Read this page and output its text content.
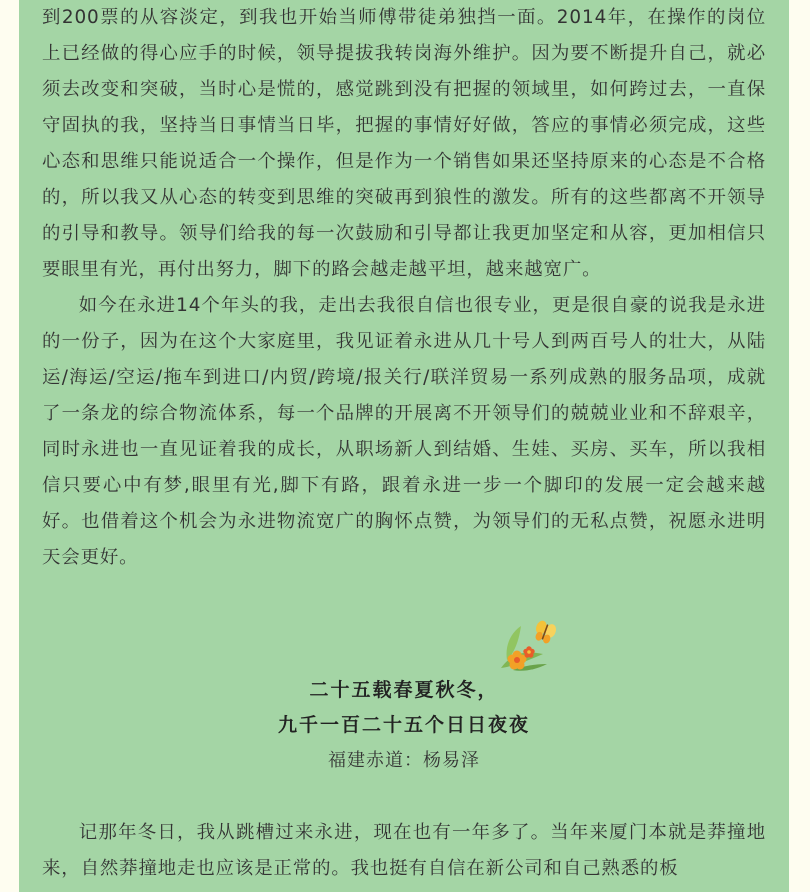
到200票的从容淡定，到我也开始当师傅带徒弟独挡一面。2014年，在操作的岗位上已经做的得心应手的时候，领导提拔我转岗海外维护。因为要不断提升自己，就必须去改变和突破，当时心是慌的，感觉跳到没有把握的领域里，如何跨过去，一直保守固执的我，坚持当日事情当日毕，把握的事情好好做，答应的事情必须完成，这些心态和思维只能说适合一个操作，但是作为一个销售如果还坚持原来的心态是不合格的，所以我又从心态的转变到思维的突破再到狼性的激发。所有的这些都离不开领导的引导和教导。领导们给我的每一次鼓励和引导都让我更加坚定和从容，更加相信只要眼里有光，再付出努力，脚下的路会越走越平坦，越来越宽广。

如今在永进14个年头的我，走出去我很自信也很专业，更是很自豪的说我是永进的一份子，因为在这个大家庭里，我见证着永进从几十号人到两百号人的壮大，从陆运/海运/空运/拖车到进口/内贸/跨境/报关行/联洋贸易一系列成熟的服务品项，成就了一条龙的综合物流体系，每一个品牌的开展离不开领导们的兢兢业业和不辞艰辛，同时永进也一直见证着我的成长，从职场新人到结婚、生娃、买房、买车，所以我相信只要心中有梦,眼里有光,脚下有路，跟着永进一步一个脚印的发展一定会越来越好。也借着这个机会为永进物流宽广的胸怀点赞，为领导们的无私点赞，祝愿永进明天会更好。

二十五载春夏秋冬，
九千一百二十五个日日夜夜
福建赤道：杨易泽

记那年冬日，我从跳槽过来永进，现在也有一年多了。当年来厦门本就是莽撞地来，自然莽撞地走也应该是正常的。我也挺有自信在新公司和自己熟悉的板
